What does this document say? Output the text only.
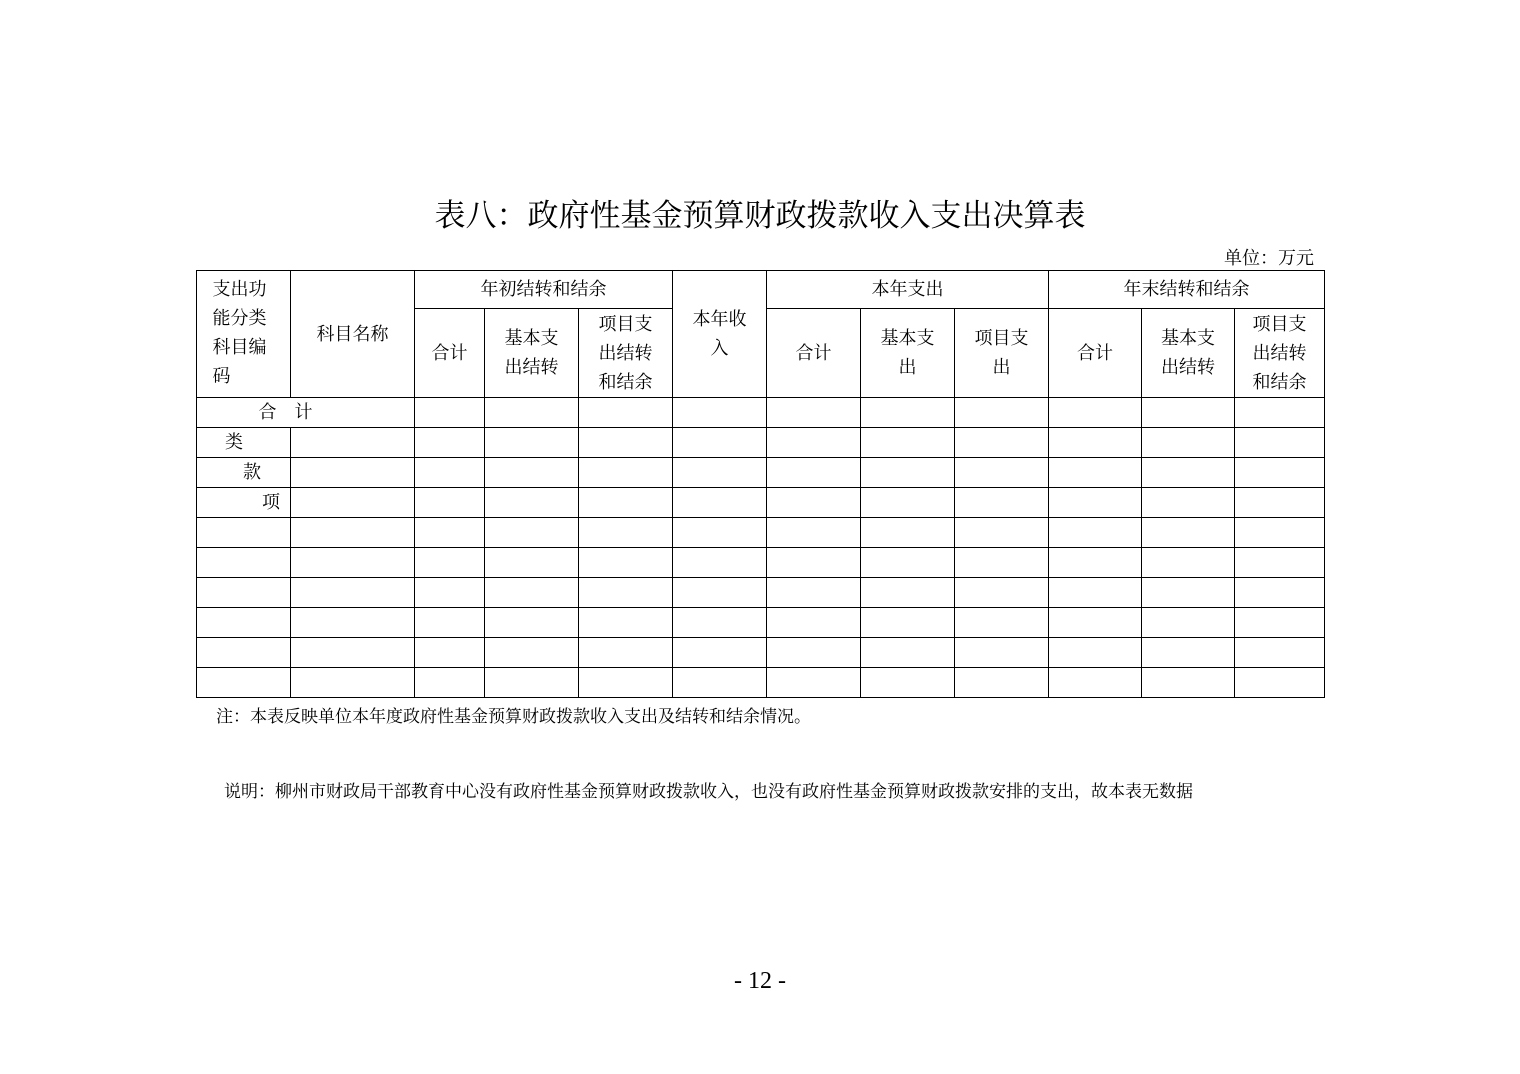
表八：政府性基金预算财政拨款收入支出决算表
单位：万元
支出功能分类科目编码	科目名称	年初结转和结余			本年收入	本年支出			年末结转和结余		
		合计	基本支出结转	项目支出结转和结余		合计	基本支出	项目支出	合计	基本支出结转	项目支出结转和结余

合　计											
类											
款											
项											

注：本表反映单位本年度政府性基金预算财政拨款收入支出及结转和结余情况。
说明：柳州市财政局干部教育中心没有政府性基金预算财政拨款收入，也没有政府性基金预算财政拨款安排的支出，故本表无数据
- 12 -
